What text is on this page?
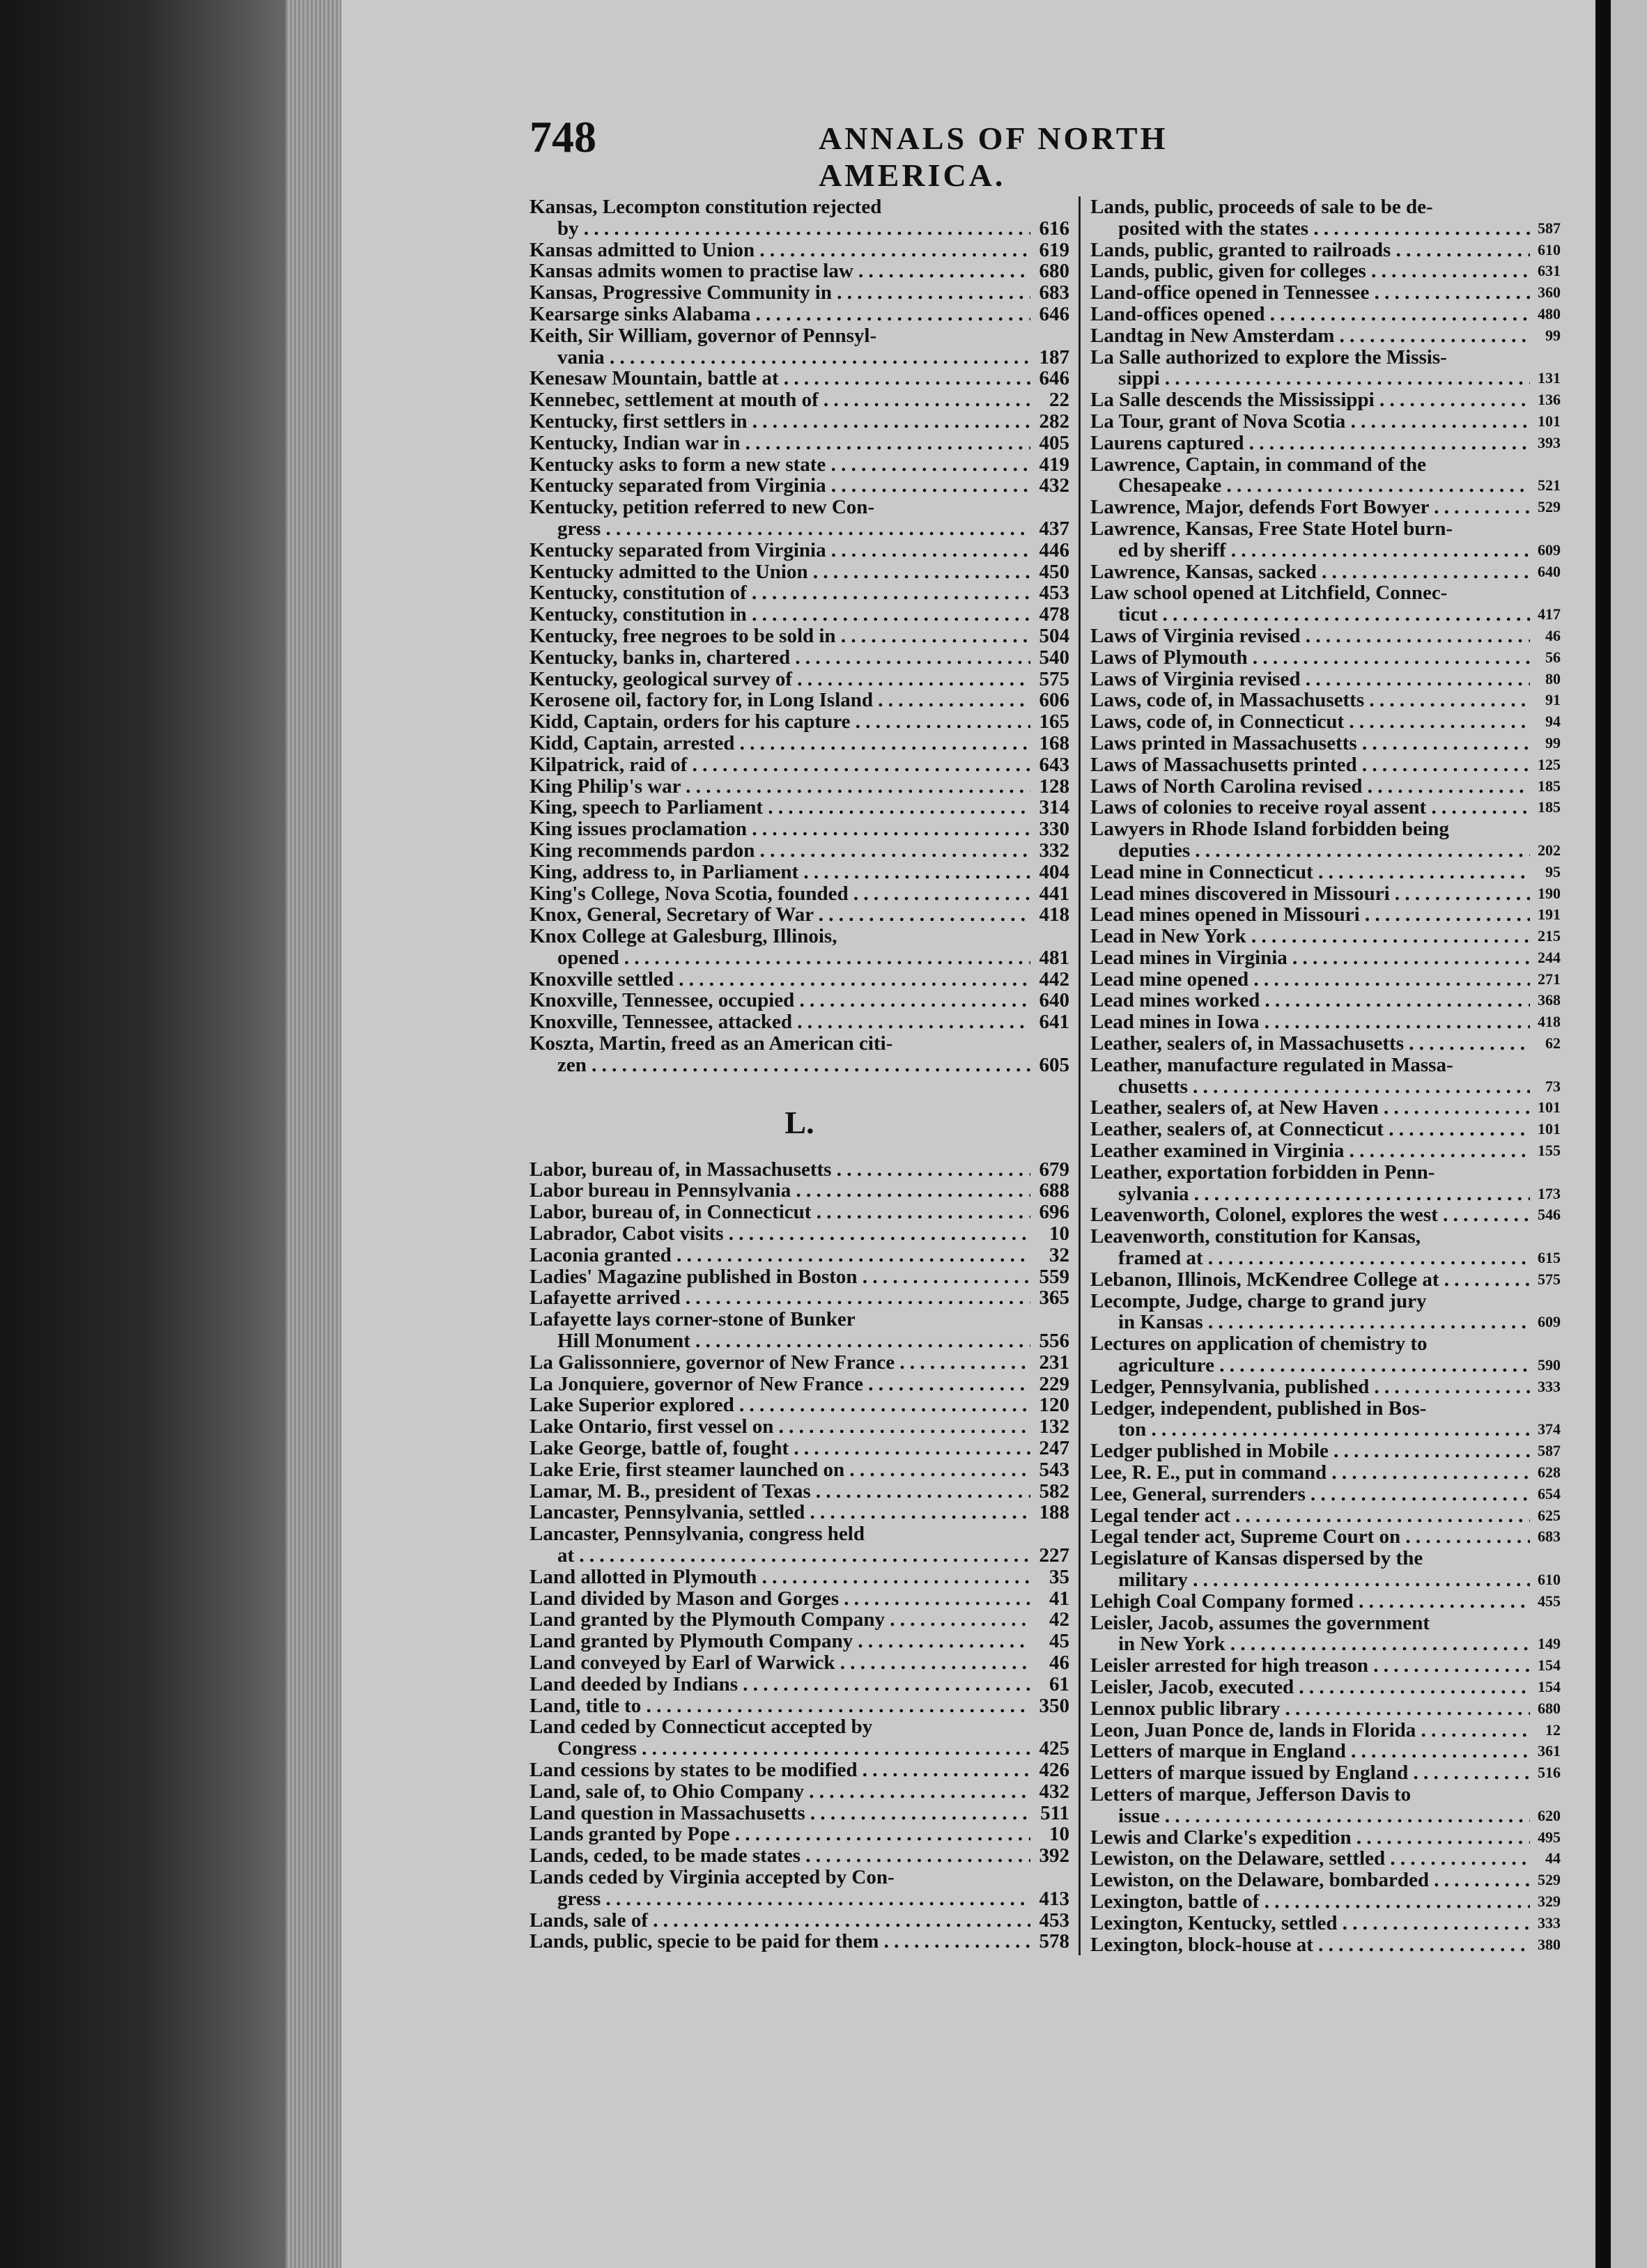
748	ANNALS OF NORTH AMERICA.
Kansas, Lecompton constitution rejected
by . . .	616
Kansas admitted to Union . . .	619
Kansas admits women to practise law . . .	680
Kansas, Progressive Community in . . .	683
Kearsarge sinks Alabama . . .	646
Keith, Sir William, governor of Pennsyl-
vania . . .	187
Kenesaw Mountain, battle at . . .	646
Kennebec, settlement at mouth of . . .	22
Kentucky, first settlers in . . .	282
Kentucky, Indian war in . . .	405
Kentucky asks to form a new state . . .	419
Kentucky separated from Virginia . . .	432
Kentucky, petition referred to new Con-
gress . . .	437
Kentucky separated from Virginia . . .	446
Kentucky admitted to the Union . . .	450
Kentucky, constitution of . . .	453
Kentucky, constitution in . . .	478
Kentucky, free negroes to be sold in . . .	504
Kentucky, banks in, chartered . . .	540
Kentucky, geological survey of . . .	575
Kerosene oil, factory for, in Long Island . . .	606
Kidd, Captain, orders for his capture . . .	165
Kidd, Captain, arrested . . .	168
Kilpatrick, raid of . . .	643
King Philip's war . . .	128
King, speech to Parliament . . .	314
King issues proclamation . . .	330
King recommends pardon . . .	332
King, address to, in Parliament . . .	404
King's College, Nova Scotia, founded . . .	441
Knox, General, Secretary of War . . .	418
Knox College at Galesburg, Illinois,
opened . . .	481
Knoxville settled . . .	442
Knoxville, Tennessee, occupied . . .	640
Knoxville, Tennessee, attacked . . .	641
Koszta, Martin, freed as an American citi-
zen . . .	605
L.
Labor, bureau of, in Massachusetts . . .	679
Labor bureau in Pennsylvania . . .	688
Labor, bureau of, in Connecticut . . .	696
Labrador, Cabot visits . . .	10
Laconia granted . . .	32
Ladies' Magazine published in Boston . . .	559
Lafayette arrived . . .	365
Lafayette lays corner-stone of Bunker
Hill Monument . . .	556
La Galissonniere, governor of New France . . .	231
La Jonquiere, governor of New France . . .	229
Lake Superior explored . . .	120
Lake Ontario, first vessel on . . .	132
Lake George, battle of, fought . . .	247
Lake Erie, first steamer launched on . . .	543
Lamar, M. B., president of Texas . . .	582
Lancaster, Pennsylvania, settled . . .	188
Lancaster, Pennsylvania, congress held
at . . .	227
Land allotted in Plymouth . . .	35
Land divided by Mason and Gorges . . .	41
Land granted by the Plymouth Company . . .	42
Land granted by Plymouth Company . . .	45
Land conveyed by Earl of Warwick . . .	46
Land deeded by Indians . . .	61
Land, title to . . .	350
Land ceded by Connecticut accepted by
Congress . . .	425
Land cessions by states to be modified . . .	426
Land, sale of, to Ohio Company . . .	432
Land question in Massachusetts . . .	511
Lands granted by Pope . . .	10
Lands, ceded, to be made states . . .	392
Lands ceded by Virginia accepted by Con-
gress . . .	413
Lands, sale of . . .	453
Lands, public, specie to be paid for them . . .	578
Lands, public, proceeds of sale to be de-
posited with the states . . .	587
Lands, public, granted to railroads . . .	610
Lands, public, given for colleges . . .	631
Land-office opened in Tennessee . . .	360
Land-offices opened . . .	480
Landtag in New Amsterdam . . .	99
La Salle authorized to explore the Missis-
sippi . . .	131
La Salle descends the Mississippi . . .	136
La Tour, grant of Nova Scotia . . .	101
Laurens captured . . .	393
Lawrence, Captain, in command of the
Chesapeake . . .	521
Lawrence, Major, defends Fort Bowyer . . .	529
Lawrence, Kansas, Free State Hotel burn-
ed by sheriff . . .	609
Lawrence, Kansas, sacked . . .	640
Law school opened at Litchfield, Connec-
ticut . . .	417
Laws of Virginia revised . . .	46
Laws of Plymouth . . .	56
Laws of Virginia revised . . .	80
Laws, code of, in Massachusetts . . .	91
Laws, code of, in Connecticut . . .	94
Laws printed in Massachusetts . . .	99
Laws of Massachusetts printed . . .	125
Laws of North Carolina revised . . .	185
Laws of colonies to receive royal assent . . .	185
Lawyers in Rhode Island forbidden being
deputies . . .	202
Lead mine in Connecticut . . .	95
Lead mines discovered in Missouri . . .	190
Lead mines opened in Missouri . . .	191
Lead in New York . . .	215
Lead mines in Virginia . . .	244
Lead mine opened . . .	271
Lead mines worked . . .	368
Lead mines in Iowa . . .	418
Leather, sealers of, in Massachusetts . . .	62
Leather, manufacture regulated in Massa-
chusetts . . .	73
Leather, sealers of, at New Haven . . .	101
Leather, sealers of, at Connecticut . . .	101
Leather examined in Virginia . . .	155
Leather, exportation forbidden in Penn-
sylvania . . .	173
Leavenworth, Colonel, explores the west . . .	546
Leavenworth, constitution for Kansas,
framed at . . .	615
Lebanon, Illinois, McKendree College at . . .	575
Lecompte, Judge, charge to grand jury
in Kansas . . .	609
Lectures on application of chemistry to
agriculture . . .	590
Ledger, Pennsylvania, published . . .	333
Ledger, independent, published in Bos-
ton . . .	374
Ledger published in Mobile . . .	587
Lee, R. E., put in command . . .	628
Lee, General, surrenders . . .	654
Legal tender act . . .	625
Legal tender act, Supreme Court on . . .	683
Legislature of Kansas dispersed by the
military . . .	610
Lehigh Coal Company formed . . .	455
Leisler, Jacob, assumes the government
in New York . . .	149
Leisler arrested for high treason . . .	154
Leisler, Jacob, executed . . .	154
Lennox public library . . .	680
Leon, Juan Ponce de, lands in Florida . . .	12
Letters of marque in England . . .	361
Letters of marque issued by England . . .	516
Letters of marque, Jefferson Davis to
issue . . .	620
Lewis and Clarke's expedition . . .	495
Lewiston, on the Delaware, settled . . .	44
Lewiston, on the Delaware, bombarded . . .	529
Lexington, battle of . . .	329
Lexington, Kentucky, settled . . .	333
Lexington, block-house at . . .	380
